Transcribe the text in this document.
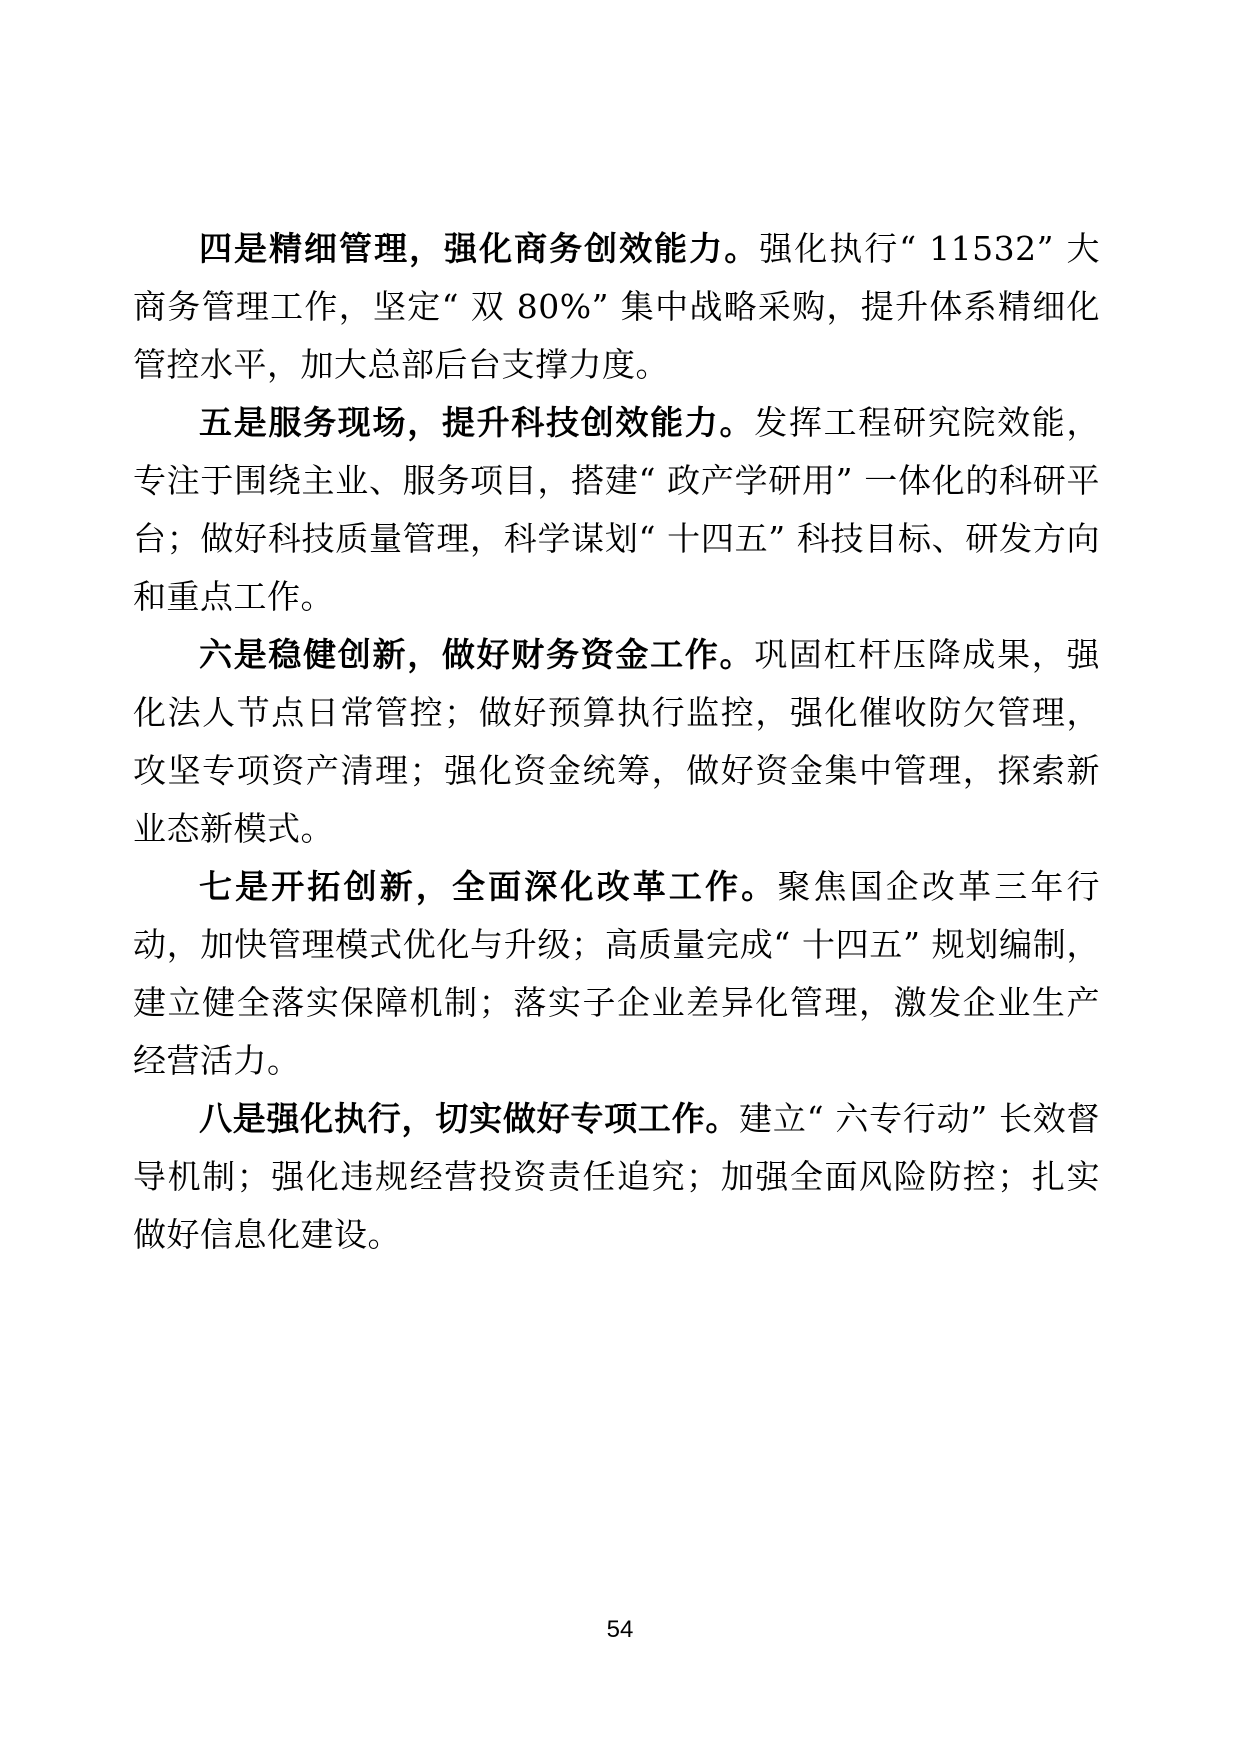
四是精细管理，强化商务创效能力。强化执行“ 11532” 大商务管理工作，坚定“ 双 80%” 集中战略采购，提升体系精细化管控水平，加大总部后台支撑力度。

五是服务现场，提升科技创效能力。发挥工程研究院效能，专注于围绕主业、服务项目，搭建“ 政产学研用” 一体化的科研平台；做好科技质量管理，科学谋划“ 十四五” 科技目标、研发方向和重点工作。

六是稳健创新，做好财务资金工作。巩固杠杆压降成果，强化法人节点日常管控；做好预算执行监控，强化催收防欠管理，攻坚专项资产清理；强化资金统筹，做好资金集中管理，探索新业态新模式。

七是开拓创新，全面深化改革工作。聚焦国企改革三年行动，加快管理模式优化与升级；高质量完成“ 十四五” 规划编制，建立健全落实保障机制；落实子企业差异化管理，激发企业生产经营活力。

八是强化执行，切实做好专项工作。建立“ 六专行动” 长效督导机制；强化违规经营投资责任追究；加强全面风险防控；扎实做好信息化建设。

54
